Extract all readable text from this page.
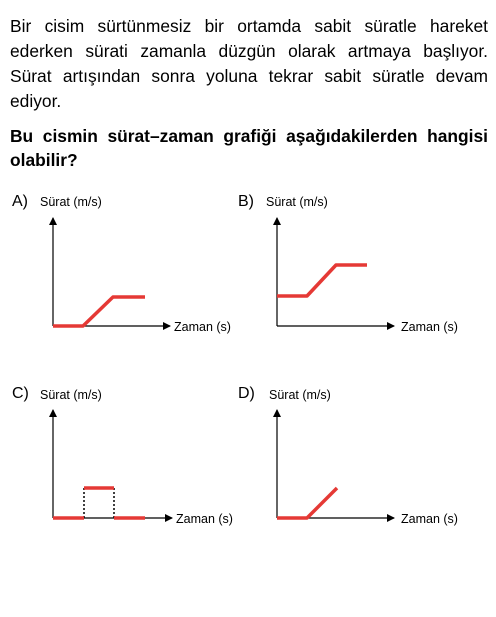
Bir cisim sürtünmesiz bir ortamda sabit süratle hareket ederken sürati zamanla düzgün olarak artmaya başlıyor. Sürat artışından sonra yoluna tekrar sabit süratle devam ediyor.

Bu cismin sürat–zaman grafiği aşağıdakilerden hangisi olabilir?

A) Sürat (m/s)
Zaman (s)
B) Sürat (m/s)
Zaman (s)
C) Sürat (m/s)
Zaman (s)
D) Sürat (m/s)
Zaman (s)
